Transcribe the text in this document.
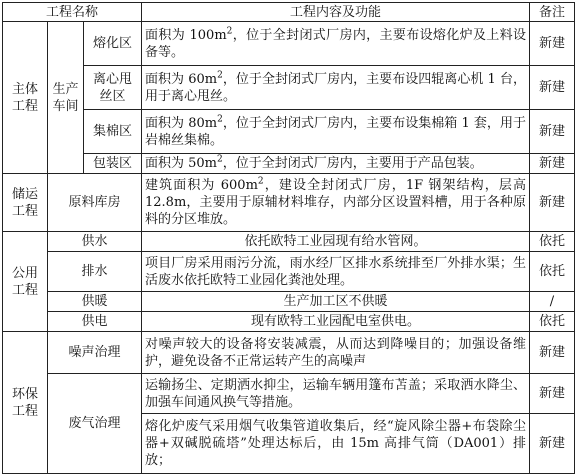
工程名称			工程内容及功能	备注
主体工程	生产车间	熔化区	面积为 $100m^2$，位于全封闭式厂房内，主要布设熔化炉及上料设备等。	新建
		离心甩丝区	面积为 $60m^2$，位于全封闭式厂房内，主要布设四辊离心机 1 台，用于离心甩丝。	新建
		集棉区	面积为 $80m^2$，位于全封闭式厂房内，主要布设集棉箱 1 套，用于岩棉丝集棉。	新建
		包装区	面积为 $50m^2$，位于全封闭式厂房内，主要用于产品包装。	新建
储运工程	原料库房		建筑面积为 $600m^2$，建设全封闭式厂房，1F 钢架结构，层高 12.8m，主要用于原辅材料堆存，内部分区设置料槽，用于各种原料的分区堆放。	新建
公用工程	供水		依托欧特工业园现有给水管网。	依托
	排水		项目厂房采用雨污分流，雨水经厂区排水系统排至厂外排水渠；生活废水依托欧特工业园化粪池处理。	依托
	供暖		生产加工区不供暖	/
	供电		现有欧特工业园配电室供电。	依托
环保工程	噪声治理		对噪声较大的设备将安装减震，从而达到降噪目的；加强设备维护，避免设备不正常运转产生的高噪声	新建
	废气治理		运输扬尘、定期洒水抑尘，运输车辆用篷布苫盖；采取洒水降尘、加强车间通风换气等措施。	新建
			熔化炉废气采用烟气收集管道收集后，经“旋风除尘器+布袋除尘器+双碱脱硫塔”处理达标后，由 15m 高排气筒（DA001）排放；	新建
